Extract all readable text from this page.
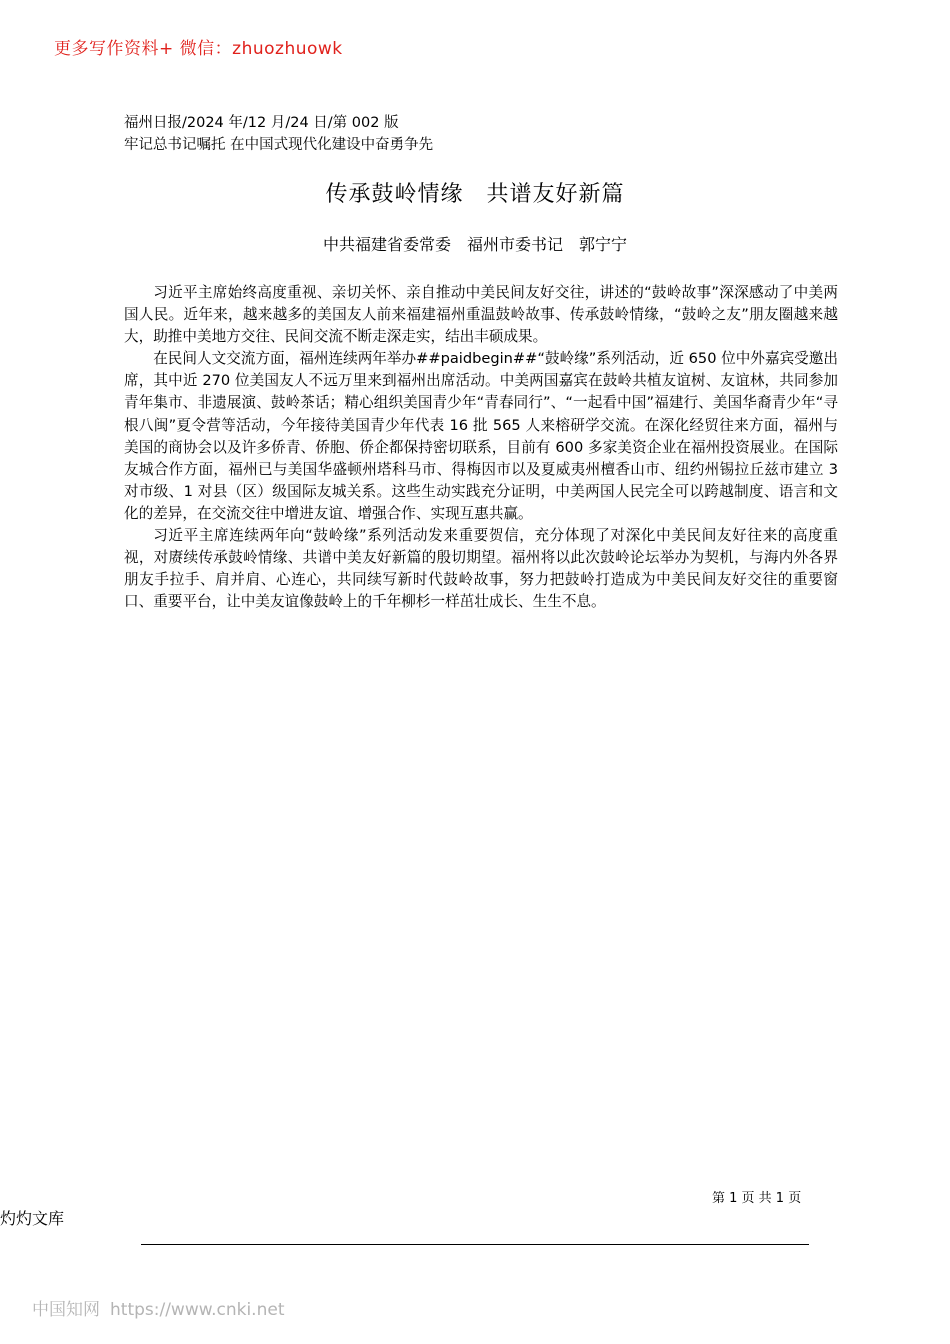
更多写作资料+ 微信：zhuozhuowk
福州日报/2024 年/12 月/24 日/第 002 版
牢记总书记嘱托 在中国式现代化建设中奋勇争先
传承鼓岭情缘　共谱友好新篇
中共福建省委常委　福州市委书记　郭宁宁

习近平主席始终高度重视、亲切关怀、亲自推动中美民间友好交往，讲述的“鼓岭故事”深深感动了中美两国人民。近年来，越来越多的美国友人前来福建福州重温鼓岭故事、传承鼓岭情缘，“鼓岭之友”朋友圈越来越大，助推中美地方交往、民间交流不断走深走实，结出丰硕成果。

在民间人文交流方面，福州连续两年举办##paidbegin##“鼓岭缘”系列活动，近 650 位中外嘉宾受邀出席，其中近 270 位美国友人不远万里来到福州出席活动。中美两国嘉宾在鼓岭共植友谊树、友谊林，共同参加青年集市、非遗展演、鼓岭茶话；精心组织美国青少年“青春同行”、“一起看中国”福建行、美国华裔青少年“寻根八闽”夏令营等活动，今年接待美国青少年代表 16 批 565 人来榕研学交流。在深化经贸往来方面，福州与美国的商协会以及许多侨青、侨胞、侨企都保持密切联系，目前有 600 多家美资企业在福州投资展业。在国际友城合作方面，福州已与美国华盛顿州塔科马市、得梅因市以及夏威夷州檀香山市、纽约州锡拉丘兹市建立 3 对市级、1 对县（区）级国际友城关系。这些生动实践充分证明，中美两国人民完全可以跨越制度、语言和文化的差异，在交流交往中增进友谊、增强合作、实现互惠共赢。

习近平主席连续两年向“鼓岭缘”系列活动发来重要贺信，充分体现了对深化中美民间友好往来的高度重视，对赓续传承鼓岭情缘、共谱中美友好新篇的殷切期望。福州将以此次鼓岭论坛举办为契机，与海内外各界朋友手拉手、肩并肩、心连心，共同续写新时代鼓岭故事，努力把鼓岭打造成为中美民间友好交往的重要窗口、重要平台，让中美友谊像鼓岭上的千年柳杉一样茁壮成长、生生不息。

第 1 页 共 1 页
灼灼文库
中国知网 https://www.cnki.net
